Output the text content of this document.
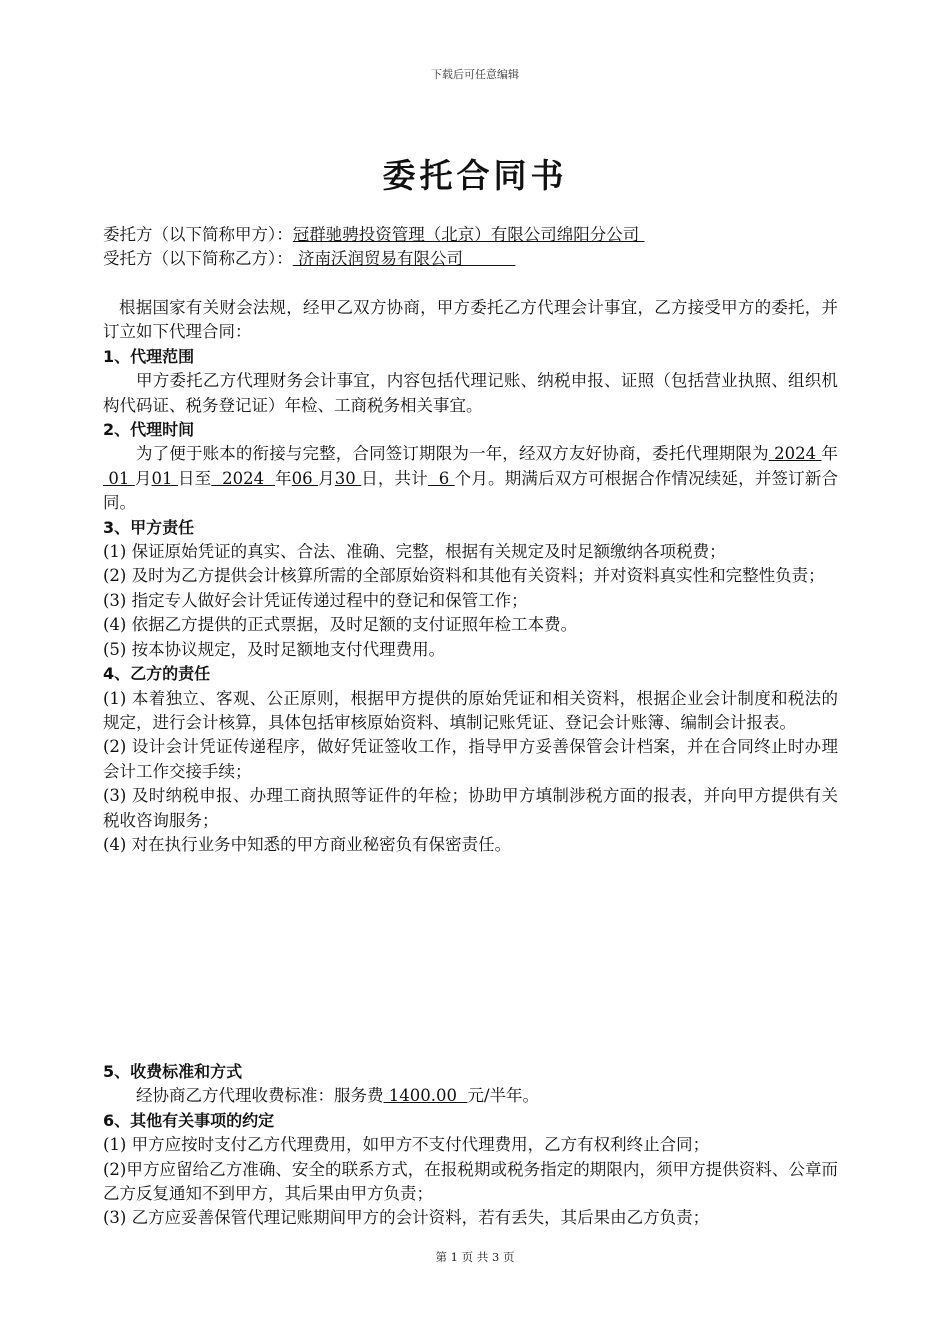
下载后可任意编辑
委托合同书

委托方（以下简称甲方）：冠群驰骋投资管理（北京）有限公司绵阳分公司

受托方（以下简称乙方）： 济南沃润贸易有限公司

根据国家有关财会法规，经甲乙双方协商，甲方委托乙方代理会计事宜，乙方接受甲方的委托，并订立如下代理合同：

1、代理范围

甲方委托乙方代理财务会计事宜，内容包括代理记账、纳税申报、证照（包括营业执照、组织机构代码证、税务登记证）年检、工商税务相关事宜。

2、代理时间

为了便于账本的衔接与完整，合同签订期限为一年，经双方友好协商，委托代理期限为 2024 年 01 月01 日至  2024  年06 月30 日，共计  6 个月。期满后双方可根据合作情况续延，并签订新合同。

3、甲方责任

(1) 保证原始凭证的真实、合法、准确、完整，根据有关规定及时足额缴纳各项税费；

(2) 及时为乙方提供会计核算所需的全部原始资料和其他有关资料；并对资料真实性和完整性负责；

(3) 指定专人做好会计凭证传递过程中的登记和保管工作；

(4) 依据乙方提供的正式票据，及时足额的支付证照年检工本费。

(5) 按本协议规定，及时足额地支付代理费用。

4、乙方的责任

(1) 本着独立、客观、公正原则，根据甲方提供的原始凭证和相关资料，根据企业会计制度和税法的规定，进行会计核算，具体包括审核原始资料、填制记账凭证、登记会计账簿、编制会计报表。

(2) 设计会计凭证传递程序，做好凭证签收工作，指导甲方妥善保管会计档案，并在合同终止时办理会计工作交接手续；

(3) 及时纳税申报、办理工商执照等证件的年检；协助甲方填制涉税方面的报表，并向甲方提供有关税收咨询服务；

(4) 对在执行业务中知悉的甲方商业秘密负有保密责任。

5、收费标准和方式

经协商乙方代理收费标准：服务费 1400.00  元/半年。

6、其他有关事项的约定

(1) 甲方应按时支付乙方代理费用，如甲方不支付代理费用，乙方有权利终止合同；

(2)甲方应留给乙方准确、安全的联系方式，在报税期或税务指定的期限内，须甲方提供资料、公章而乙方反复通知不到甲方，其后果由甲方负责；

(3) 乙方应妥善保管代理记账期间甲方的会计资料，若有丢失，其后果由乙方负责；

第 1 页 共 3 页
